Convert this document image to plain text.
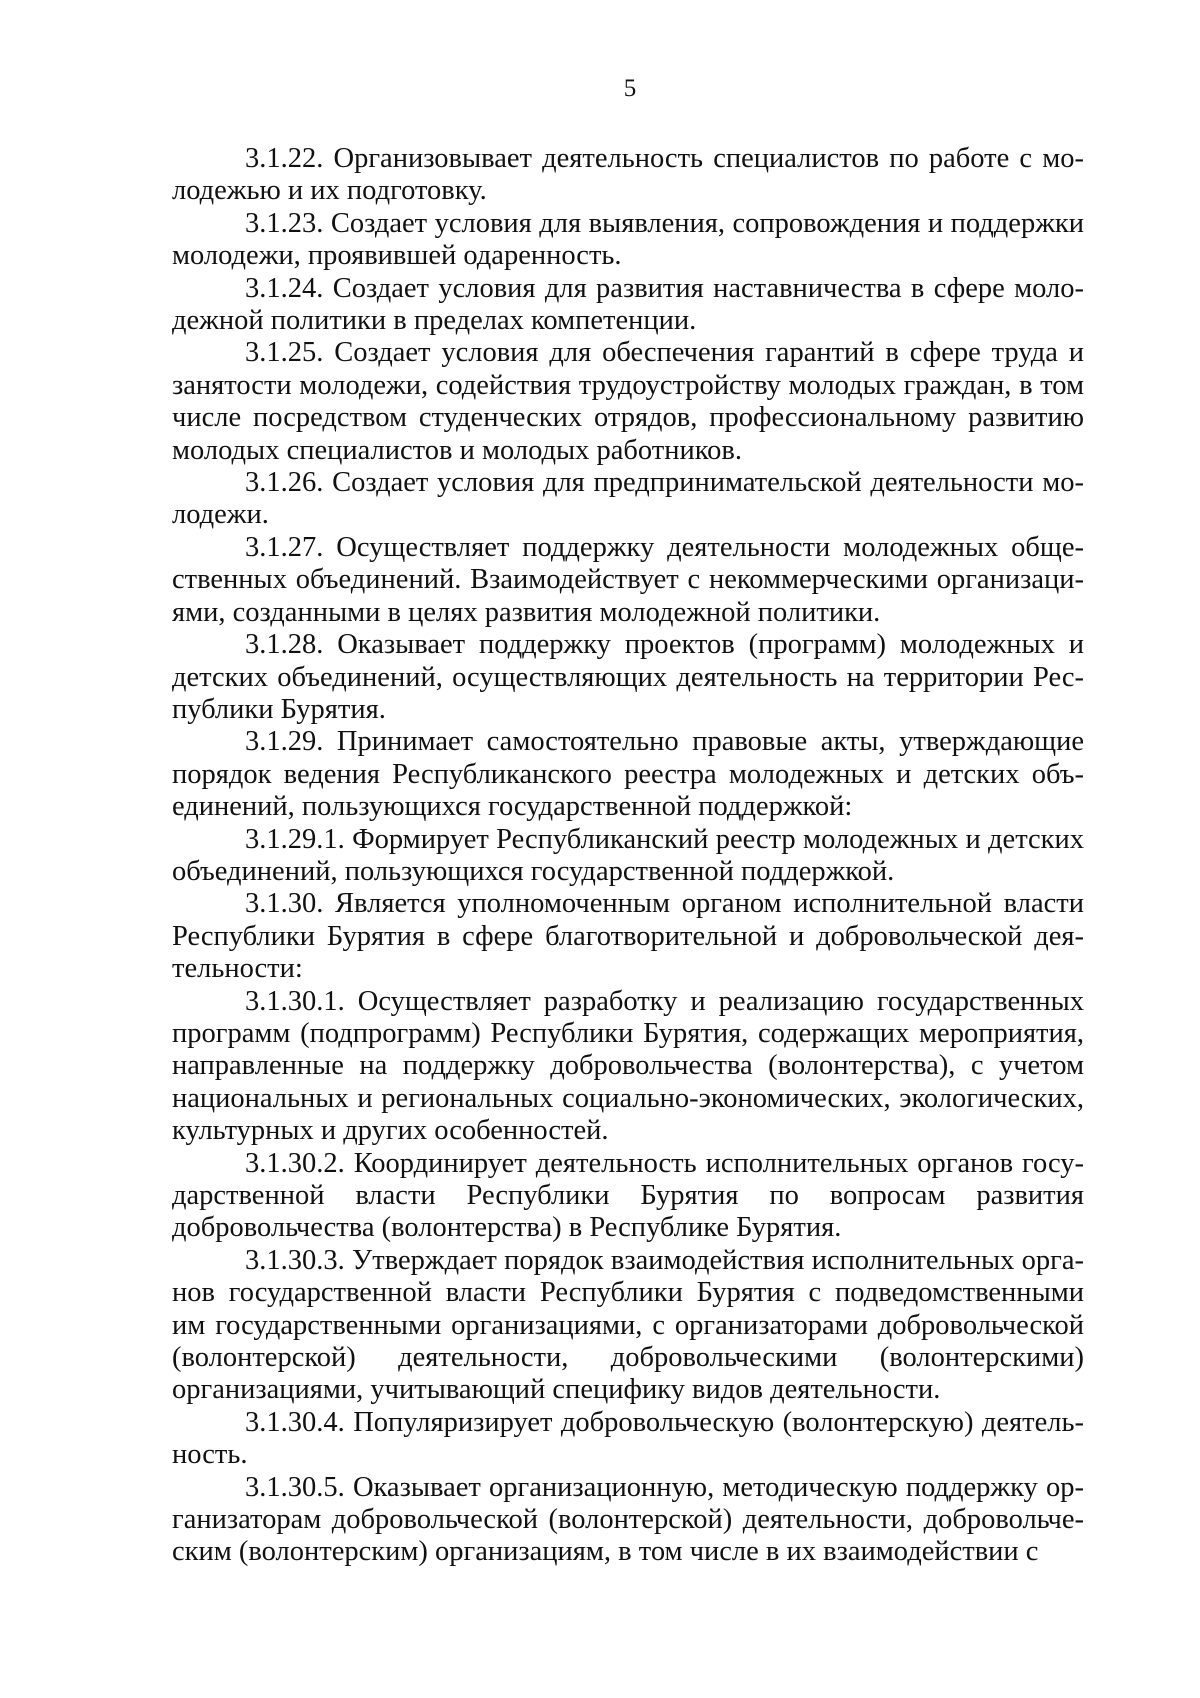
5

3.1.22. Организовывает деятельность специалистов по работе с молодежью и их подготовку.

3.1.23. Создает условия для выявления, сопровождения и поддержки молодежи, проявившей одаренность.

3.1.24. Создает условия для развития наставничества в сфере молодежной политики в пределах компетенции.

3.1.25. Создает условия для обеспечения гарантий в сфере труда и занятости молодежи, содействия трудоустройству молодых граждан, в том числе посредством студенческих отрядов, профессиональному развитию молодых специалистов и молодых работников.

3.1.26. Создает условия для предпринимательской деятельности молодежи.

3.1.27. Осуществляет поддержку деятельности молодежных общественных объединений. Взаимодействует с некоммерческими организациями, созданными в целях развития молодежной политики.

3.1.28. Оказывает поддержку проектов (программ) молодежных и детских объединений, осуществляющих деятельность на территории Республики Бурятия.

3.1.29. Принимает самостоятельно правовые акты, утверждающие порядок ведения Республиканского реестра молодежных и детских объединений, пользующихся государственной поддержкой:

3.1.29.1. Формирует Республиканский реестр молодежных и детских объединений, пользующихся государственной поддержкой.

3.1.30. Является уполномоченным органом исполнительной власти Республики Бурятия в сфере благотворительной и добровольческой деятельности:

3.1.30.1. Осуществляет разработку и реализацию государственных программ (подпрограмм) Республики Бурятия, содержащих мероприятия, направленные на поддержку добровольчества (волонтерства), с учетом национальных и региональных социально-экономических, экологических, культурных и других особенностей.

3.1.30.2. Координирует деятельность исполнительных органов государственной власти Республики Бурятия по вопросам развития добровольчества (волонтерства) в Республике Бурятия.

3.1.30.3. Утверждает порядок взаимодействия исполнительных органов государственной власти Республики Бурятия с подведомственными им государственными организациями, с организаторами добровольческой (волонтерской) деятельности, добровольческими (волонтерскими) организациями, учитывающий специфику видов деятельности.

3.1.30.4. Популяризирует добровольческую (волонтерскую) деятельность.

3.1.30.5. Оказывает организационную, методическую поддержку организаторам добровольческой (волонтерской) деятельности, добровольческим (волонтерским) организациям, в том числе в их взаимодействии с
